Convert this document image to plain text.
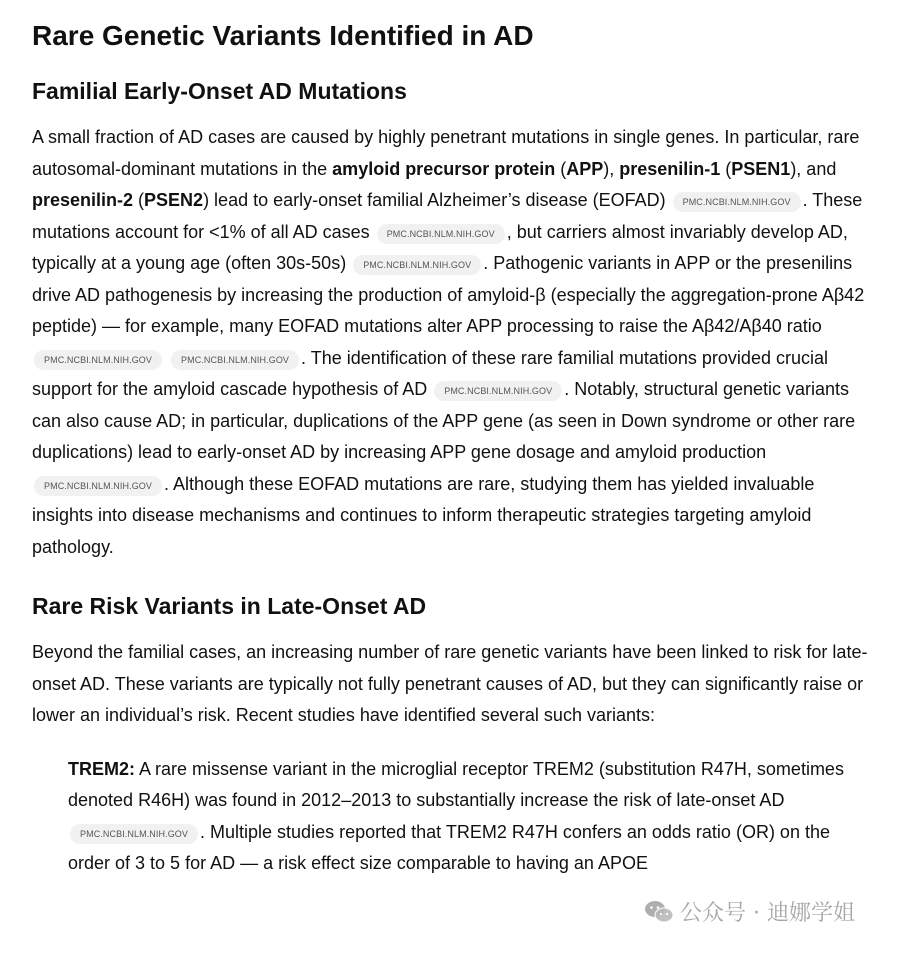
Rare Genetic Variants Identified in AD
Familial Early-Onset AD Mutations

A small fraction of AD cases are caused by highly penetrant mutations in single genes. In particular, rare autosomal-dominant mutations in the amyloid precursor protein (APP), presenilin-1 (PSEN1), and presenilin-2 (PSEN2) lead to early-onset familial Alzheimer’s disease (EOFAD) PMC.NCBI.NLM.NIH.GOV . These mutations account for <1% of all AD cases PMC.NCBI.NLM.NIH.GOV , but carriers almost invariably develop AD, typically at a young age (often 30s-50s) PMC.NCBI.NLM.NIH.GOV . Pathogenic variants in APP or the presenilins drive AD pathogenesis by increasing the production of amyloid-β (especially the aggregation-prone Aβ42 peptide) — for example, many EOFAD mutations alter APP processing to raise the Aβ42/Aβ40 ratio PMC.NCBI.NLM.NIH.GOV	PMC.NCBI.NLM.NIH.GOV . The identification of these rare familial mutations provided crucial support for the amyloid cascade hypothesis of AD PMC.NCBI.NLM.NIH.GOV . Notably, structural genetic variants can also cause AD; in particular, duplications of the APP gene (as seen in Down syndrome or other rare duplications) lead to early-onset AD by increasing APP gene dosage and amyloid production PMC.NCBI.NLM.NIH.GOV . Although these EOFAD mutations are rare, studying them has yielded invaluable insights into disease mechanisms and continues to inform therapeutic strategies targeting amyloid pathology.

Rare Risk Variants in Late-Onset AD

Beyond the familial cases, an increasing number of rare genetic variants have been linked to risk for late-onset AD. These variants are typically not fully penetrant causes of AD, but they can significantly raise or lower an individual’s risk. Recent studies have identified several such variants:

TREM2: A rare missense variant in the microglial receptor TREM2 (substitution R47H, sometimes denoted R46H) was found in 2012–2013 to substantially increase the risk of late-onset AD PMC.NCBI.NLM.NIH.GOV . Multiple studies reported that TREM2 R47H confers an odds ratio (OR) on the order of 3 to 5 for AD — a risk effect size comparable to having an APOE

公众号 · 迪娜学姐
